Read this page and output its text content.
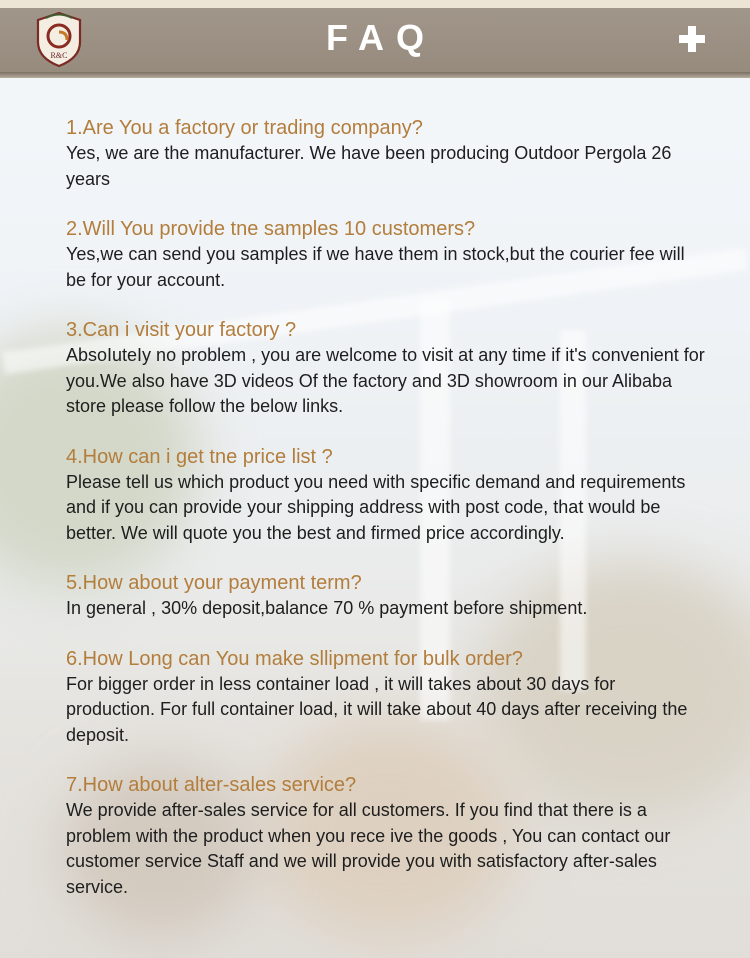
R&C	FAQ

1.Are You a factory or trading company?

Yes, we are the manufacturer. We have been producing Outdoor Pergola 26 years

2.Will You provide tne samples 10 customers?

Yes,we can send you samples if we have them in stock,but the courier fee will be for your account.

3.Can i visit your factory ?

AbsoIuteIy no problem , you are welcome to visit at any time if it's convenient for you.We also have 3D videos Of the factory and 3D showroom in our Alibaba store please follow the below links.

4.How can i get tne price list ?

Please tell us which product you need with specific demand and requirements and if you can provide your shipping address with post code, that would be better. We will quote you the best and firmed price accordingly.

5.How about your payment term?

In general , 30% deposit,balance 70 % payment before shipment.

6.How Long can You make sllipment for bulk order?

For bigger order in less container load , it will takes about 30 days for production. For full container load, it will take about 40 days after receiving the deposit.

7.How about alter-sales service?

We provide after-sales service for all customers. If you find that there is a problem with the product when you rece ive the goods , You can contact our customer service Staff and we will provide you with satisfactory after-sales service.
